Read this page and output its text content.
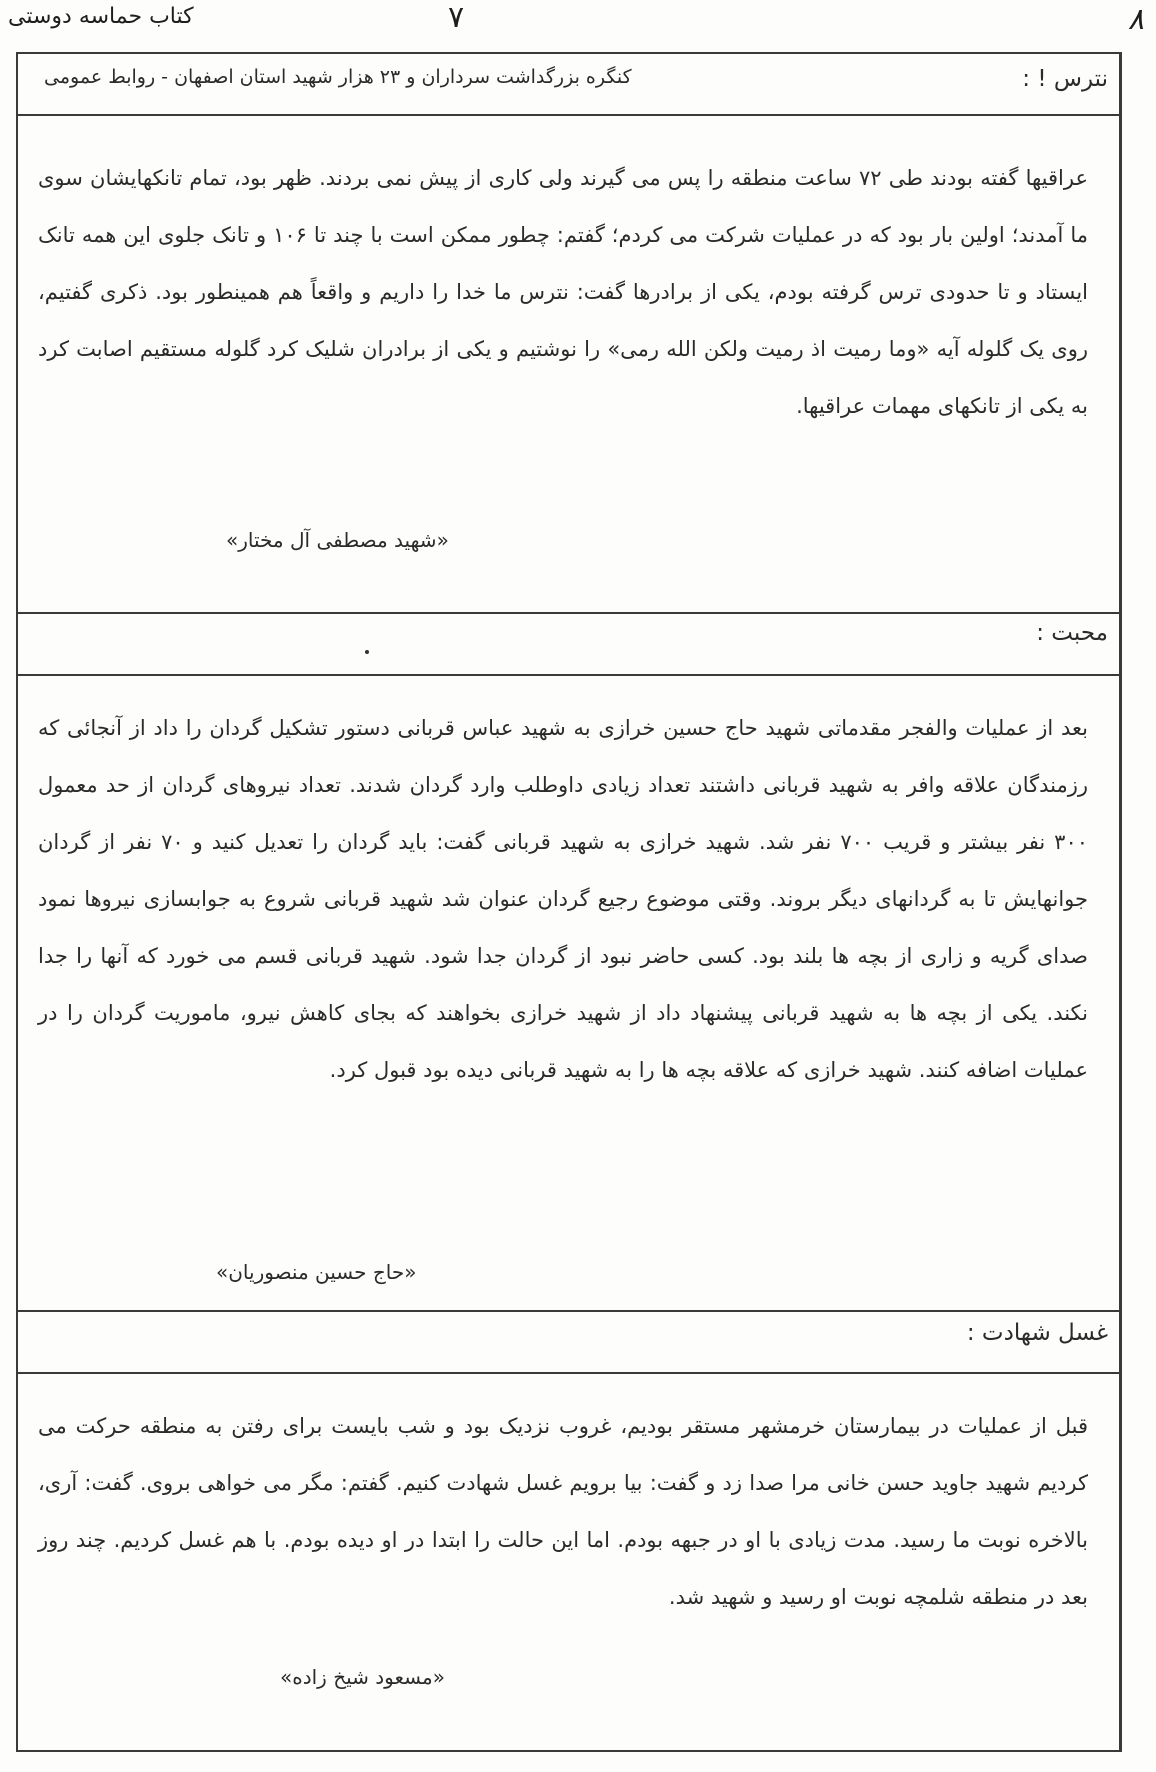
کتاب حماسه دوستی	۷	۸
نترس ! :
کنگره بزرگداشت سرداران و ۲۳ هزار شهید استان اصفهان - روابط عمومی
عراقیها گفته بودند طی ۷۲ ساعت منطقه را پس می گیرند ولی کاری از پیش نمی بردند. ظهر بود، تمام تانکهایشان سوی ما آمدند؛ اولین بار بود که در عملیات شرکت می کردم؛ گفتم: چطور ممکن است با چند تا ۱۰۶ و تانک جلوی این همه تانک ایستاد و تا حدودی ترس گرفته بودم، یکی از برادرها گفت: نترس ما خدا را داریم و واقعاً هم همینطور بود. ذکری گفتیم، روی یک گلوله آیه «وما رمیت اذ رمیت ولکن الله رمی» را نوشتیم و یکی از برادران شلیک کرد گلوله مستقیم اصابت کرد به یکی از تانکهای مهمات عراقیها.
«شهید مصطفی آل مختار»
محبت :
بعد از عملیات والفجر مقدماتی شهید حاج حسین خرازی به شهید عباس قربانی دستور تشکیل گردان را داد از آنجائی که رزمندگان علاقه وافر به شهید قربانی داشتند تعداد زیادی داوطلب وارد گردان شدند. تعداد نیروهای گردان از حد معمول ۳۰۰ نفر بیشتر و قریب ۷۰۰ نفر شد. شهید خرازی به شهید قربانی گفت: باید گردان را تعدیل کنید و ۷۰ نفر از گردان جوانهایش تا به گردانهای دیگر بروند. وقتی موضوع رجیع گردان عنوان شد شهید قربانی شروع به جوابسازی نیروها نمود صدای گریه و زاری از بچه ها بلند بود. کسی حاضر نبود از گردان جدا شود. شهید قربانی قسم می خورد که آنها را جدا نکند. یکی از بچه ها به شهید قربانی پیشنهاد داد از شهید خرازی بخواهند که بجای کاهش نیرو، ماموریت گردان را در عملیات اضافه کنند. شهید خرازی که علاقه بچه ها را به شهید قربانی دیده بود قبول کرد.
«حاج حسین منصوریان»
غسل شهادت :
قبل از عملیات در بیمارستان خرمشهر مستقر بودیم، غروب نزدیک بود و شب بایست برای رفتن به منطقه حرکت می کردیم شهید جاوید حسن خانی مرا صدا زد و گفت: بیا برویم غسل شهادت کنیم. گفتم: مگر می خواهی بروی. گفت: آری، بالاخره نوبت ما رسید. مدت زیادی با او در جبهه بودم. اما این حالت را ابتدا در او دیده بودم. با هم غسل کردیم. چند روز بعد در منطقه شلمچه نوبت او رسید و شهید شد.
«مسعود شیخ زاده»
